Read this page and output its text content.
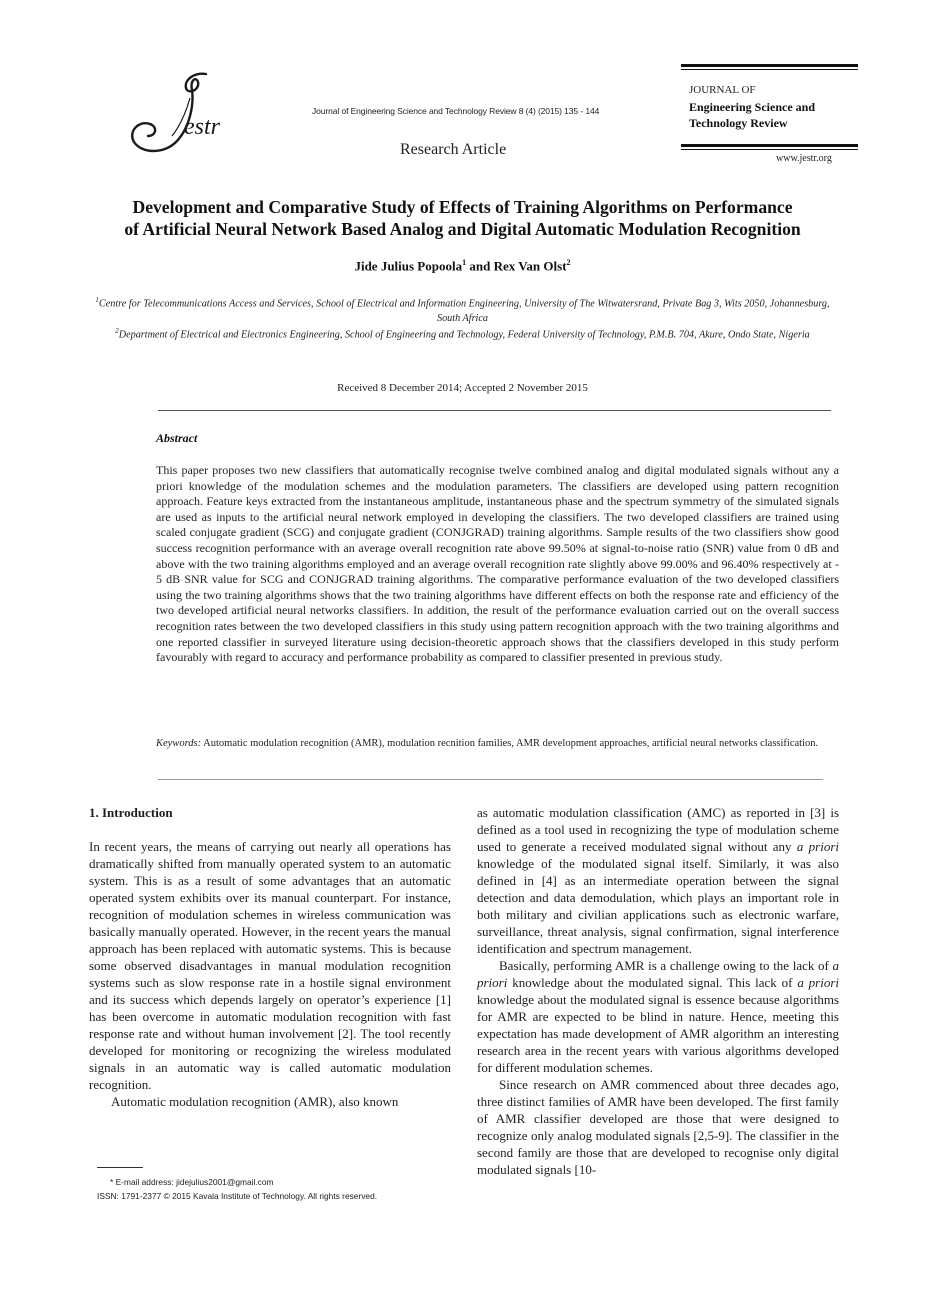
estr
Journal of Engineering Science and Technology Review 8 (4) (2015) 135 - 144
Research Article
JOURNAL OF
Engineering Science and
Technology Review
www.jestr.org
Development and Comparative Study of Effects of Training Algorithms on Performance
of Artificial Neural Network Based Analog and Digital Automatic Modulation Recognition
Jide Julius Popoola$^1$ and Rex Van Olst$^2$
$^1$Centre for Telecommunications Access and Services, School of Electrical and Information Engineering, University of The Witwatersrand, Private Bag 3, Wits 2050, Johannesburg, South Africa
$^2$Department of Electrical and Electronics Engineering, School of Engineering and Technology, Federal University of Technology, P.M.B. 704, Akure, Ondo State, Nigeria
Received 8 December 2014; Accepted 2 November 2015
Abstract
This paper proposes two new classifiers that automatically recognise twelve combined analog and digital modulated signals without any a priori knowledge of the modulation schemes and the modulation parameters. The classifiers are developed using pattern recognition approach. Feature keys extracted from the instantaneous amplitude, instantaneous phase and the spectrum symmetry of the simulated signals are used as inputs to the artificial neural network employed in developing the classifiers. The two developed classifiers are trained using scaled conjugate gradient (SCG) and conjugate gradient (CONJGRAD) training algorithms. Sample results of the two classifiers show good success recognition performance with an average overall recognition rate above 99.50% at signal-to-noise ratio (SNR) value from 0 dB and above with the two training algorithms employed and an average overall recognition rate slightly above 99.00% and 96.40% respectively at - 5 dB SNR value for SCG and CONJGRAD training algorithms. The comparative performance evaluation of the two developed classifiers using the two training algorithms shows that the two training algorithms have different effects on both the response rate and efficiency of the two developed artificial neural networks classifiers. In addition, the result of the performance evaluation carried out on the overall success recognition rates between the two developed classifiers in this study using pattern recognition approach with the two training algorithms and one reported classifier in surveyed literature using decision-theoretic approach shows that the classifiers developed in this study perform favourably with regard to accuracy and performance probability as compared to classifier presented in previous study.
Keywords: Automatic modulation recognition (AMR), modulation recnition families, AMR development approaches, artificial neural networks classification.

1. Introduction

In recent years, the means of carrying out nearly all operations has dramatically shifted from manually operated system to an automatic system. This is as a result of some advantages that an automatic operated system exhibits over its manual counterpart. For instance, recognition of modulation schemes in wireless communication was basically manually operated. However, in the recent years the manual approach has been replaced with automatic systems. This is because some observed disadvantages in manual modulation recognition systems such as slow response rate in a hostile signal environment and its success which depends largely on operator’s experience [1] has been overcome in automatic modulation recognition with fast response rate and without human involvement [2]. The tool recently developed for monitoring or recognizing the wireless modulated signals in an automatic way is called automatic modulation recognition.

Automatic modulation recognition (AMR), also known

as automatic modulation classification (AMC) as reported in [3] is defined as a tool used in recognizing the type of modulation scheme used to generate a received modulated signal without any a priori knowledge of the modulated signal itself. Similarly, it was also defined in [4] as an intermediate operation between the signal detection and data demodulation, which plays an important role in both military and civilian applications such as electronic warfare, surveillance, threat analysis, signal confirmation, signal interference identification and spectrum management.

Basically, performing AMR is a challenge owing to the lack of a priori knowledge about the modulated signal. This lack of a priori knowledge about the modulated signal is essence because algorithms for AMR are expected to be blind in nature. Hence, meeting this expectation has made development of AMR algorithm an interesting research area in the recent years with various algorithms developed for different modulation schemes.

Since research on AMR commenced about three decades ago, three distinct families of AMR have been developed. The first family of AMR classifier developed are those that were designed to recognize only analog modulated signals [2,5-9]. The classifier in the second family are those that are developed to recognise only digital modulated signals [10-

* E-mail address: jidejulius2001@gmail.com
ISSN: 1791-2377 © 2015 Kavala Institute of Technology. All rights reserved.
